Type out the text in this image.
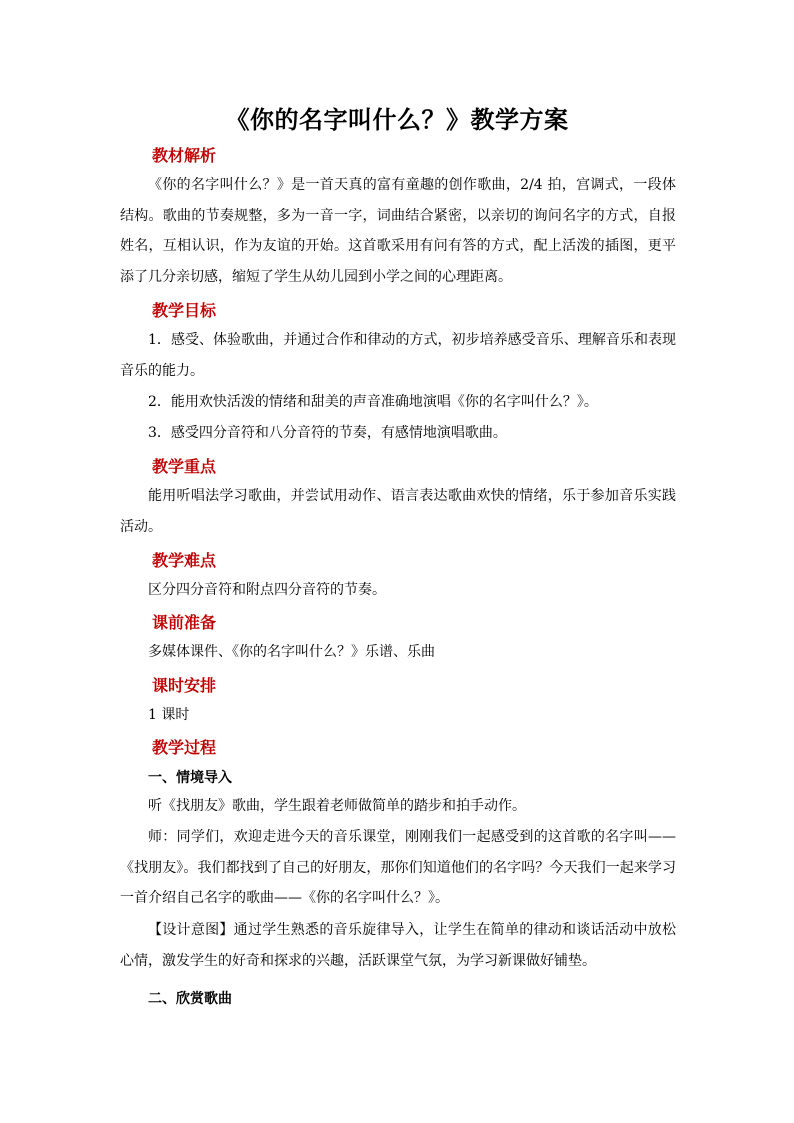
《你的名字叫什么？》教学方案
教材解析
《你的名字叫什么？》是一首天真的富有童趣的创作歌曲，2/4 拍，宫调式，一段体结构。歌曲的节奏规整，多为一音一字，词曲结合紧密，以亲切的询问名字的方式，自报姓名，互相认识，作为友谊的开始。这首歌采用有问有答的方式，配上活泼的插图，更平添了几分亲切感，缩短了学生从幼儿园到小学之间的心理距离。
教学目标
1．感受、体验歌曲，并通过合作和律动的方式，初步培养感受音乐、理解音乐和表现音乐的能力。
2．能用欢快活泼的情绪和甜美的声音准确地演唱《你的名字叫什么？》。
3．感受四分音符和八分音符的节奏，有感情地演唱歌曲。
教学重点
能用听唱法学习歌曲，并尝试用动作、语言表达歌曲欢快的情绪，乐于参加音乐实践活动。
教学难点
区分四分音符和附点四分音符的节奏。
课前准备
多媒体课件、《你的名字叫什么？》乐谱、乐曲
课时安排
1 课时
教学过程
一、情境导入
听《找朋友》歌曲，学生跟着老师做简单的踏步和拍手动作。
师：同学们，欢迎走进今天的音乐课堂，刚刚我们一起感受到的这首歌的名字叫——《找朋友》。我们都找到了自己的好朋友，那你们知道他们的名字吗？今天我们一起来学习一首介绍自己名字的歌曲——《你的名字叫什么？》。
【设计意图】通过学生熟悉的音乐旋律导入，让学生在简单的律动和谈话活动中放松心情，激发学生的好奇和探求的兴趣，活跃课堂气氛，为学习新课做好铺垫。
二、欣赏歌曲
